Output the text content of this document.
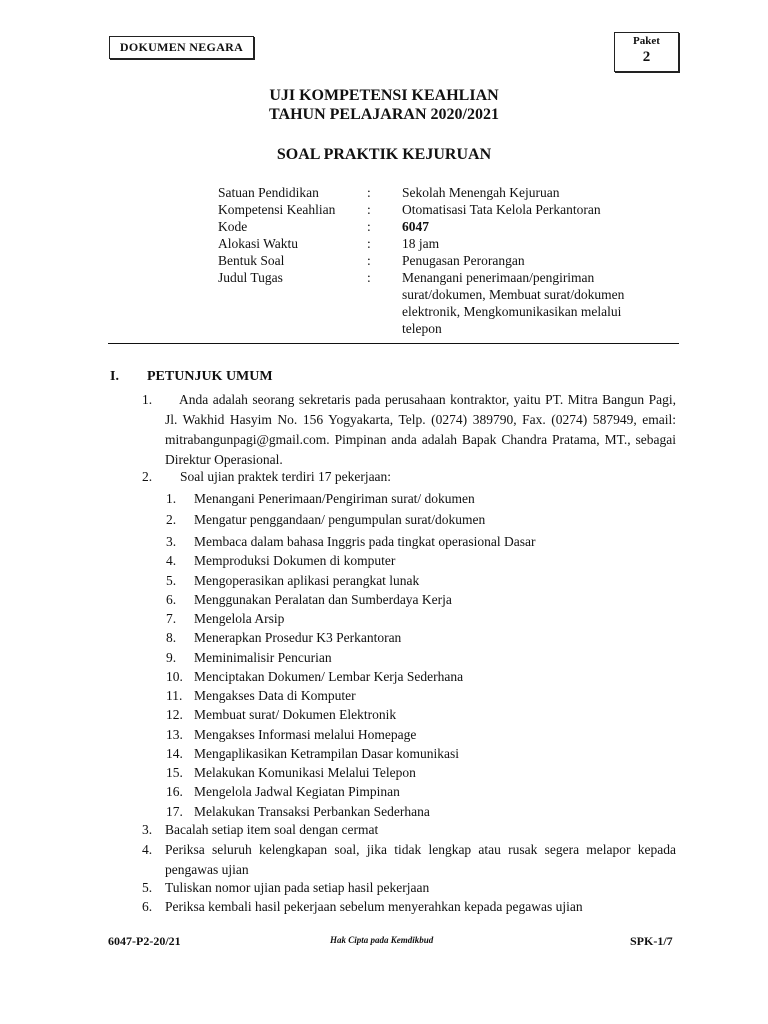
DOKUMEN NEGARA	Paket
2
UJI KOMPETENSI KEAHLIAN
TAHUN PELAJARAN 2020/2021
SOAL PRAKTIK KEJURUAN
Satuan Pendidikan	: Sekolah Menengah Kejuruan
Kompetensi Keahlian : Otomatisasi Tata Kelola Perkantoran
Kode	: 6047
Alokasi Waktu	: 18 jam
Bentuk Soal	: Penugasan Perorangan
Judul Tugas	: Menangani penerimaan/pengiriman surat/dokumen, Membuat surat/dokumen elektronik, Mengkomunikasikan melalui telepon
I. PETUNJUK UMUM
1.	Anda adalah seorang sekretaris pada perusahaan kontraktor, yaitu PT. Mitra Bangun Pagi, Jl. Wakhid Hasyim No. 156 Yogyakarta, Telp. (0274) 389790, Fax. (0274) 587949, email: mitrabangunpagi@gmail.com. Pimpinan anda adalah Bapak Chandra Pratama, MT., sebagai Direktur Operasional.
2. Soal ujian praktek terdiri 17 pekerjaan:
1. Menangani Penerimaan/Pengiriman surat/ dokumen
2. Mengatur penggandaan/ pengumpulan surat/dokumen
3. Membaca dalam bahasa Inggris pada tingkat operasional Dasar
4. Memproduksi Dokumen di komputer
5. Mengoperasikan aplikasi perangkat lunak
6. Menggunakan Peralatan dan Sumberdaya Kerja
7. Mengelola Arsip
8. Menerapkan Prosedur K3 Perkantoran
9. Meminimalisir Pencurian
10. Menciptakan Dokumen/ Lembar Kerja Sederhana
11. Mengakses Data di Komputer
12. Membuat surat/ Dokumen Elektronik
13. Mengakses Informasi melalui Homepage
14. Mengaplikasikan Ketrampilan Dasar komunikasi
15. Melakukan Komunikasi Melalui Telepon
16. Mengelola Jadwal Kegiatan Pimpinan
17. Melakukan Transaksi Perbankan Sederhana
3. Bacalah setiap item soal dengan cermat
4. Periksa seluruh kelengkapan soal, jika tidak lengkap atau rusak segera melapor kepada pengawas ujian
5. Tuliskan nomor ujian pada setiap hasil pekerjaan
6. Periksa kembali hasil pekerjaan sebelum menyerahkan kepada pegawas ujian
6047-P2-20/21	Hak Cipta pada Kemdikbud	SPK-1/7
